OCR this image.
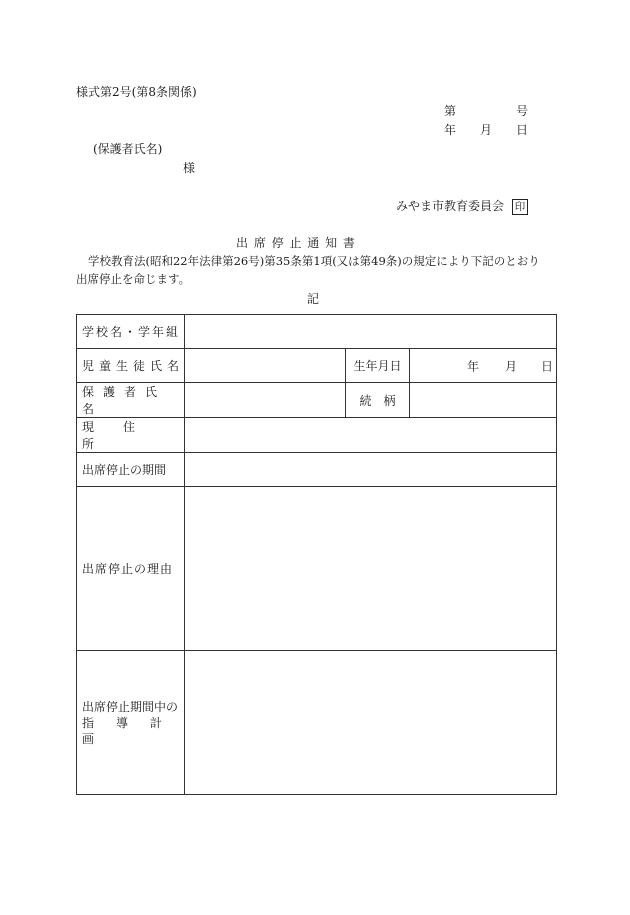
様式第2号(第8条関係)
第	号
年 月 日
(保護者氏名)
様
みやま市教育委員会 印
出 席 停 止 通 知 書
学校教育法(昭和22年法律第26号)第35条第1項(又は第49条)の規定により下記のとおり
出席停止を命じます。
記
学校名・学年組			
児童生徒氏名		生年月日	年 月 日

保護者氏名		続　柄	
現住所			
出席停止の期間			
出席停止の理由			

出席停止期間中の
指導計画			
